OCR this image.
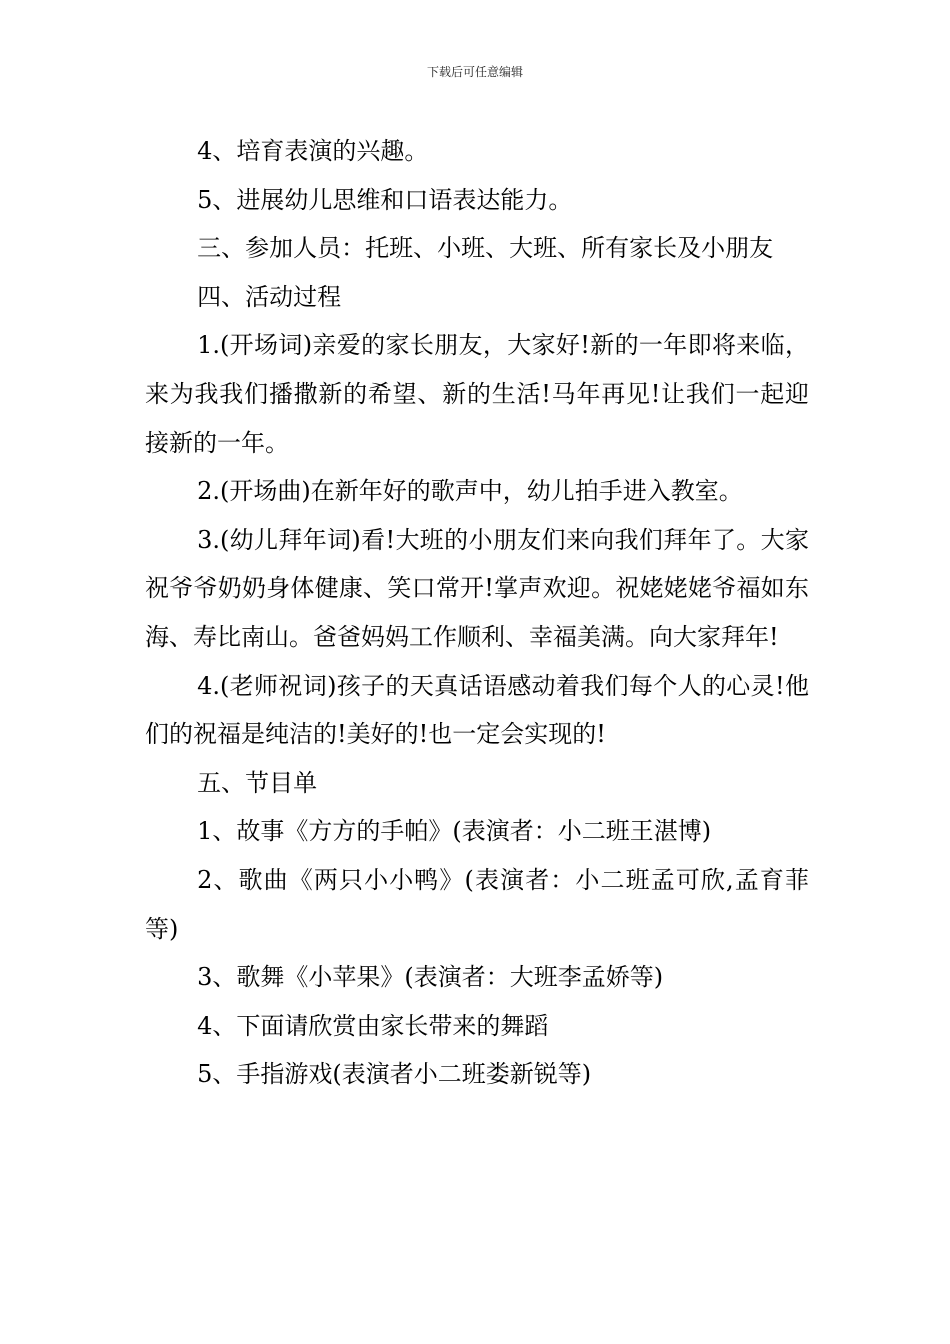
下载后可任意编辑

4、培育表演的兴趣。

5、进展幼儿思维和口语表达能力。

三、参加人员：托班、小班、大班、所有家长及小朋友

四、活动过程

1.(开场词)亲爱的家长朋友，大家好!新的一年即将来临，来为我我们播撒新的希望、新的生活!马年再见!让我们一起迎接新的一年。

2.(开场曲)在新年好的歌声中，幼儿拍手进入教室。

3.(幼儿拜年词)看!大班的小朋友们来向我们拜年了。大家祝爷爷奶奶身体健康、笑口常开!掌声欢迎。祝姥姥姥爷福如东海、寿比南山。爸爸妈妈工作顺利、幸福美满。向大家拜年!

4.(老师祝词)孩子的天真话语感动着我们每个人的心灵!他们的祝福是纯洁的!美好的!也一定会实现的!

五、节目单

1、故事《方方的手帕》(表演者：小二班王湛博)

2、歌曲《两只小小鸭》(表演者：小二班孟可欣,孟育菲等)

3、歌舞《小苹果》(表演者：大班李孟娇等)

4、下面请欣赏由家长带来的舞蹈

5、手指游戏(表演者小二班娄新锐等)
